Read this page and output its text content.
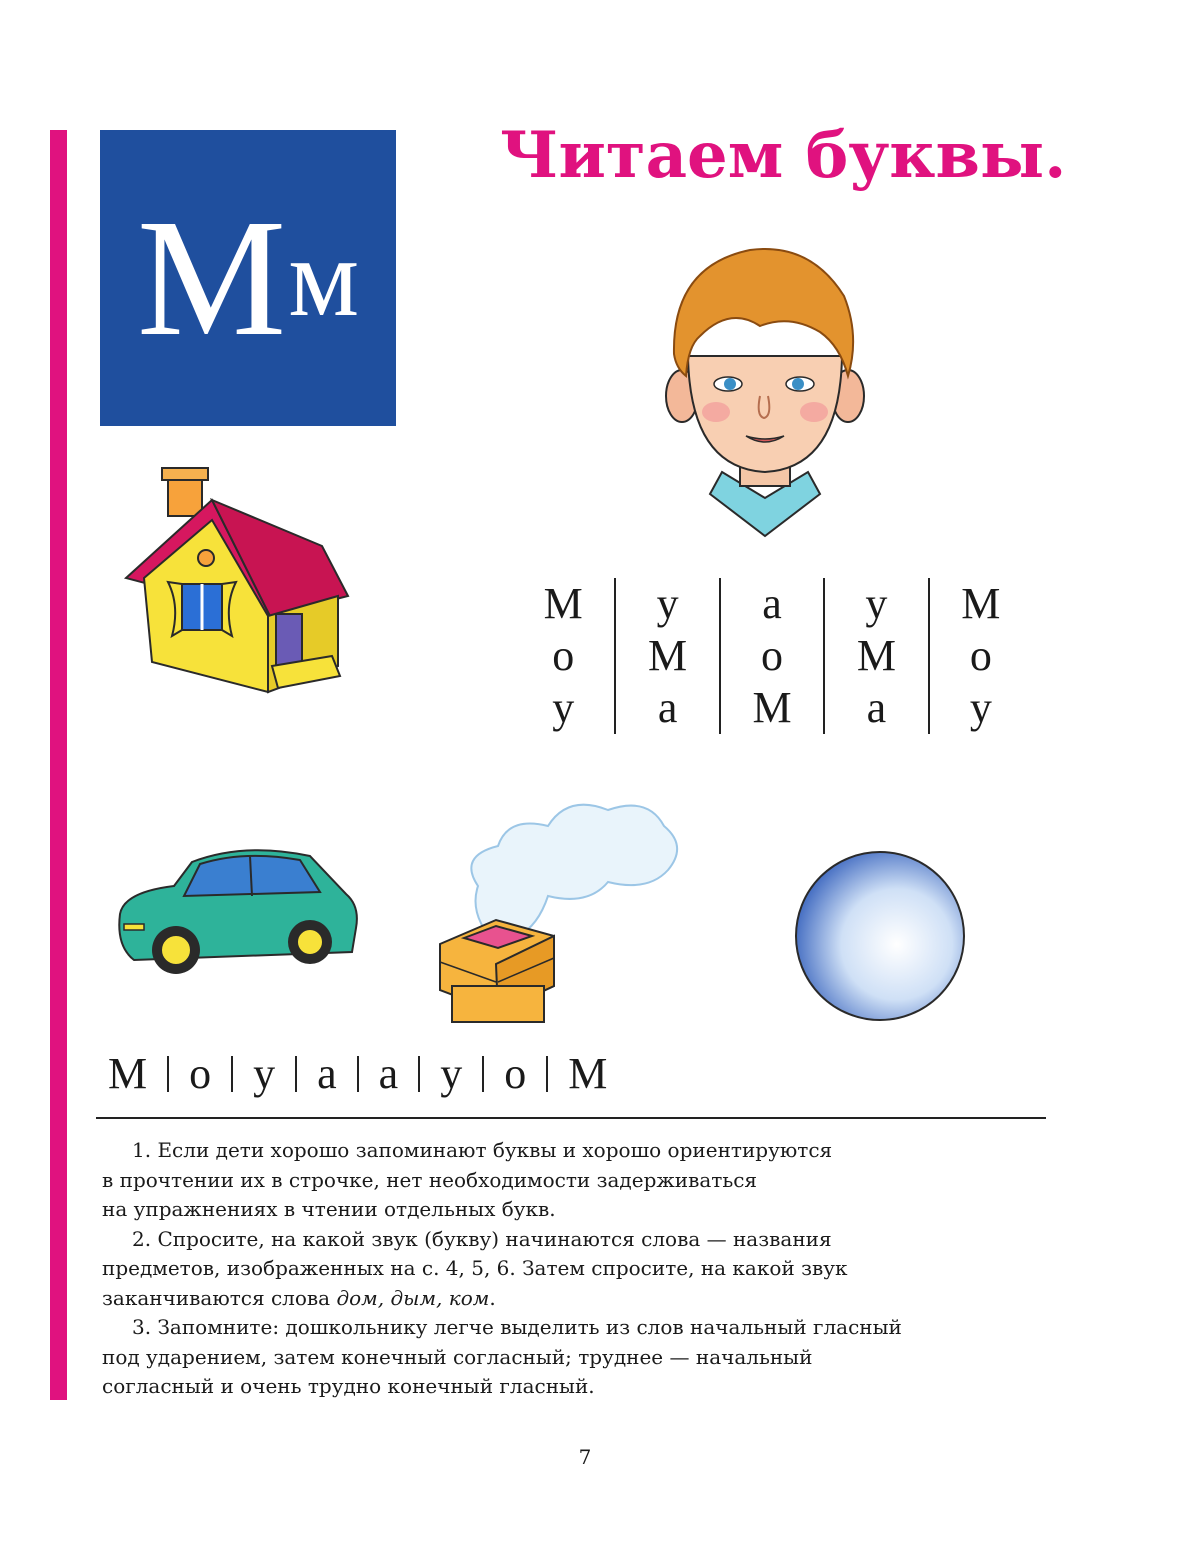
М м
Читаем буквы.
М
о
у
у
М
а
а
о
М
у
М
а
М
о
у
М о у а а у о М
1. Если дети хорошо запоминают буквы и хорошо ориентируются
в прочтении их в строчке, нет необходимости задерживаться
на упражнениях в чтении отдельных букв.
2. Спросите, на какой звук (букву) начинаются слова — названия
предметов, изображенных на с. 4, 5, 6. Затем спросите, на какой звук
заканчиваются слова дом, дым, ком.
3. Запомните: дошкольнику легче выделить из слов начальный гласный
под ударением, затем конечный согласный; труднее — начальный
согласный и очень трудно конечный гласный.
7
